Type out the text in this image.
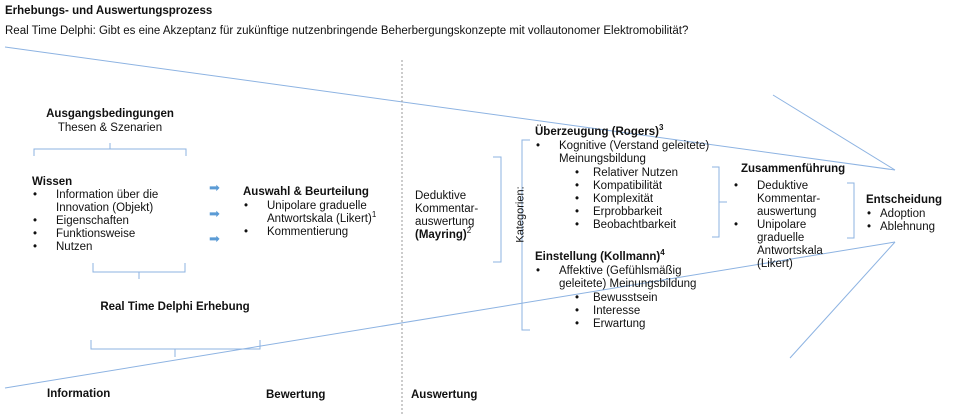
Erhebungs- und Auswertungsprozess
Real Time Delphi: Gibt es eine Akzeptanz für zukünftige nutzenbringende Beherbergungskonzepte mit vollautonomer Elektromobilität?
Ausgangsbedingungen
Thesen & Szenarien
Wissen
• Information über die
Innovation (Objekt)
• Eigenschaften
• Funktionsweise
• Nutzen
➡
➡
➡
Auswahl & Beurteilung
• Unipolare graduelle
Antwortskala (Likert)$^1$
• Kommentierung
Real Time Delphi Erhebung
Deduktive
Kommentar-
auswertung
(Mayring)$^2$	Kategorien:
Überzeugung (Rogers)$^3$
• Kognitive (Verstand geleitete)
Meinungsbildung
• Relativer Nutzen
• Kompatibilität
• Komplexität
• Erprobbarkeit
• Beobachtbarkeit
Einstellung (Kollmann)$^4$
• Affektive (Gefühlsmäßig
geleitete) Meinungsbildung
• Bewusstsein
• Interesse
• Erwartung
Zusammenführung
• Deduktive
Kommentar-
auswertung
• Unipolare
graduelle
Antwortskala
(Likert)
Entscheidung
• Adoption
• Ablehnung
Information	Bewertung	Auswertung
